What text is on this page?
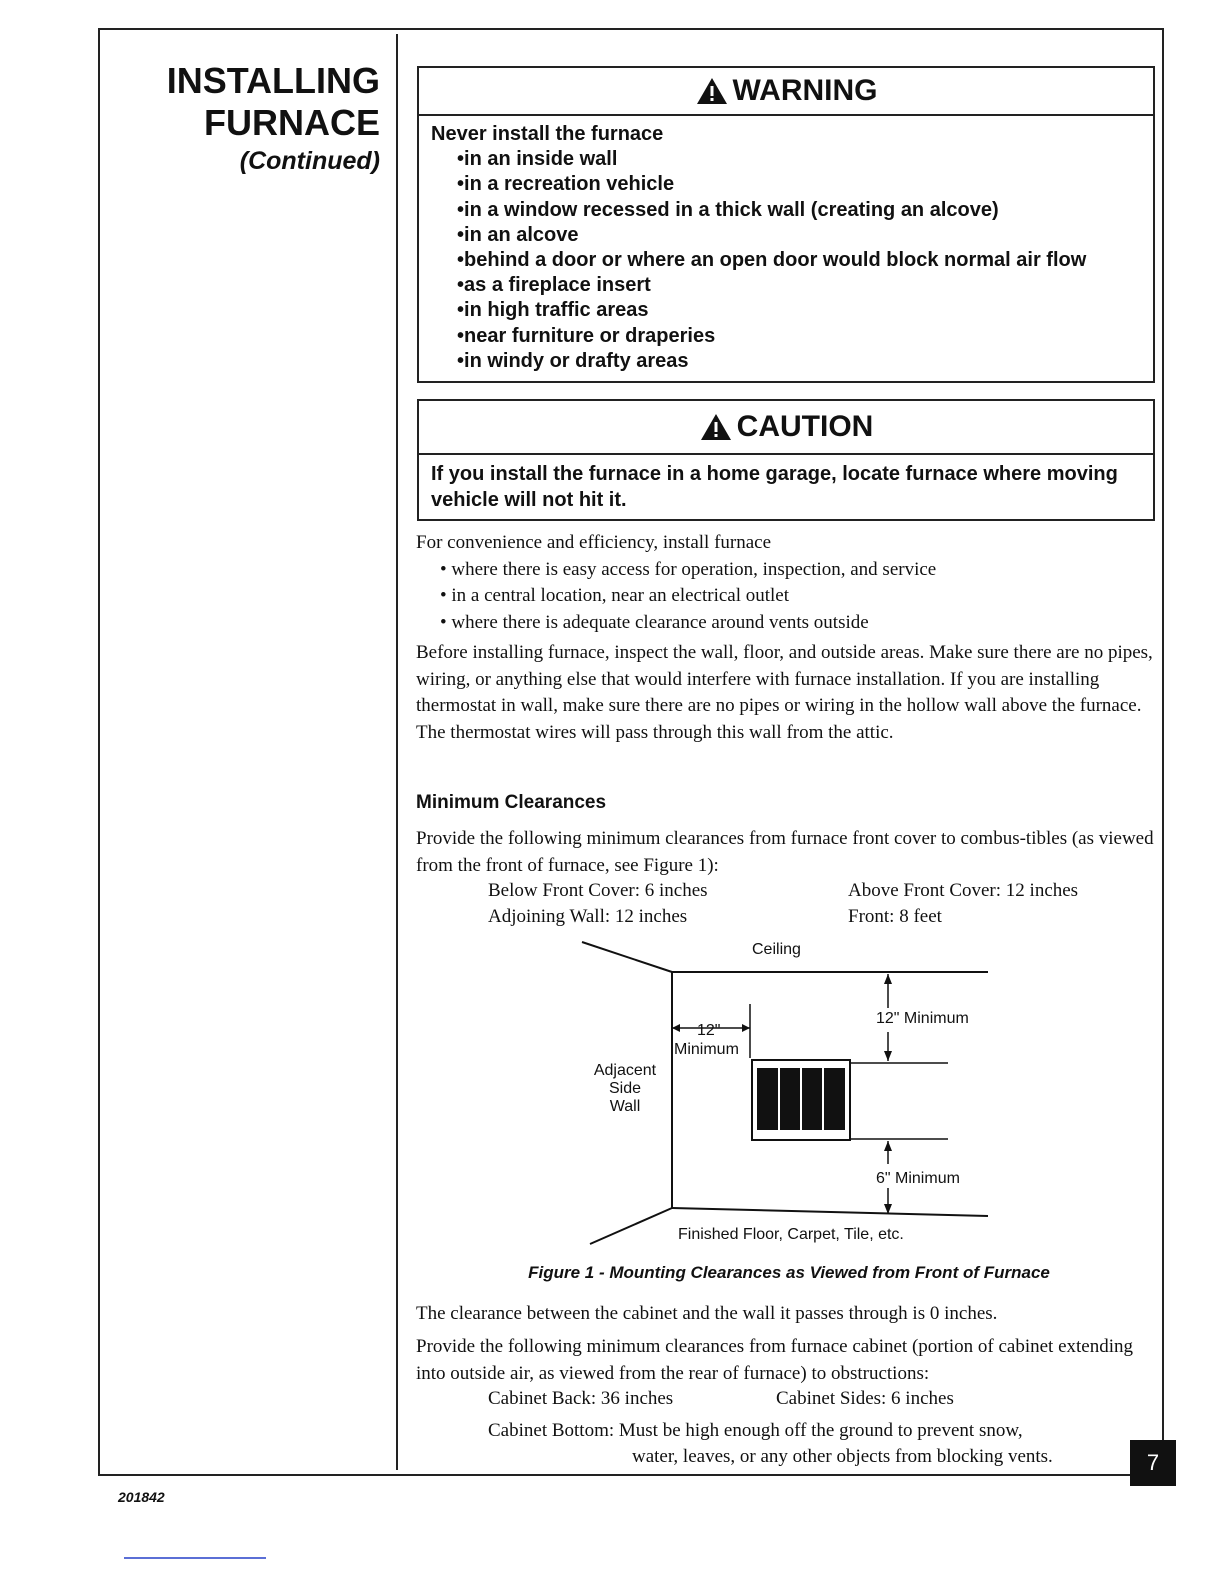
INSTALLING
FURNACE
(Continued)
WARNING
Never install the furnace
• in an inside wall
• in a recreation vehicle
• in a window recessed in a thick wall (creating an alcove)
• in an alcove
• behind a door or where an open door would block normal air flow
• as a fireplace insert
• in high traffic areas
• near furniture or draperies
• in windy or drafty areas
CAUTION
If you install the furnace in a home garage, locate furnace where moving vehicle will not hit it.

For convenience and efficiency, install furnace

• where there is easy access for operation, inspection, and service
• in a central location, near an electrical outlet
• where there is adequate clearance around vents outside

Before installing furnace, inspect the wall, floor, and outside areas. Make sure there are no pipes, wiring, or anything else that would interfere with furnace installation. If you are installing thermostat in wall, make sure there are no pipes or wiring in the hollow wall above the furnace. The thermostat wires will pass through this wall from the attic.

Minimum Clearances
Provide the following minimum clearances from furnace front cover to combus-tibles (as viewed from the front of furnace, see Figure 1):
Below Front Cover: 6 inches	Above Front Cover: 12 inches
Adjoining Wall: 12 inches	Front: 8 feet
Ceiling
12"
Minimum
12" Minimum
Adjacent
Side
Wall
6" Minimum
Finished Floor, Carpet, Tile, etc.
Figure 1 - Mounting Clearances as Viewed from Front of Furnace
The clearance between the cabinet and the wall it passes through is 0 inches.
Provide the following minimum clearances from furnace cabinet (portion of cabinet extending into outside air, as viewed from the rear of furnace) to obstructions:
Cabinet Back: 36 inches	Cabinet Sides: 6 inches
Cabinet Bottom: Must be high enough off the ground to prevent snow,
water, leaves, or any other objects from blocking vents.	7
201842
